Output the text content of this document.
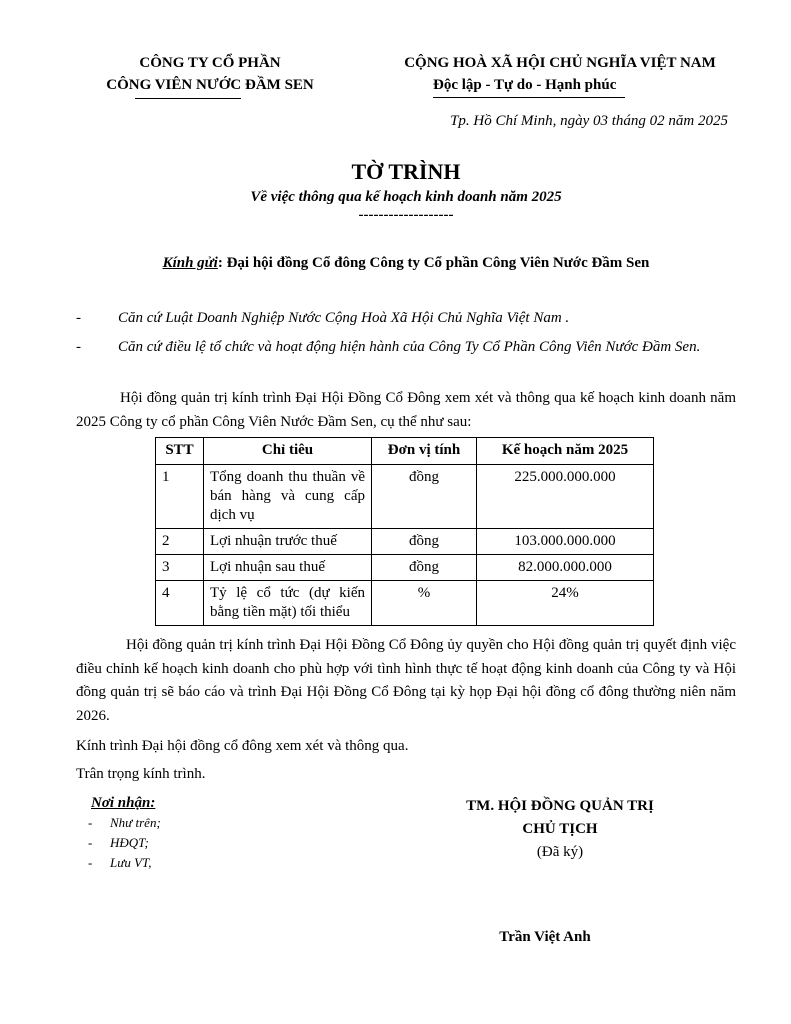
CÔNG TY CỔ PHẦN
CÔNG VIÊN NƯỚC ĐẦM SEN
CỘNG HOÀ XÃ HỘI CHỦ NGHĨA VIỆT NAM
Độc lập - Tự do - Hạnh phúc
Tp. Hồ Chí Minh, ngày 03 tháng 02 năm 2025
TỜ TRÌNH
Về việc thông qua kế hoạch kinh doanh năm 2025
-------------------
Kính gửi: Đại hội đồng Cổ đông Công ty Cổ phần Công Viên Nước Đầm Sen
- Căn cứ Luật Doanh Nghiệp Nước Cộng Hoà Xã Hội Chủ Nghĩa Việt Nam .
- Căn cứ điều lệ tổ chức và hoạt động hiện hành của Công Ty Cổ Phần Công Viên Nước Đầm Sen.
Hội đồng quản trị kính trình Đại Hội Đồng Cổ Đông xem xét và thông qua kế hoạch kinh doanh năm 2025 Công ty cổ phần Công Viên Nước Đầm Sen, cụ thể như sau:
STT	Chỉ tiêu	Đơn vị tính	Kế hoạch năm 2025
1	Tổng doanh thu thuần về bán hàng và cung cấp dịch vụ	đồng	225.000.000.000
2	Lợi nhuận trước thuế	đồng	103.000.000.000
3	Lợi nhuận sau thuế	đồng	82.000.000.000
4	Tỷ lệ cổ tức (dự kiến bằng tiền mặt) tối thiểu	%	24%
Hội đồng quản trị kính trình Đại Hội Đồng Cổ Đông ủy quyền cho Hội đồng quản trị quyết định việc điều chỉnh kế hoạch kinh doanh cho phù hợp với tình hình thực tế hoạt động kinh doanh của Công ty và Hội đồng quản trị sẽ báo cáo và trình Đại Hội Đồng Cổ Đông tại kỳ họp Đại hội đồng cổ đông thường niên năm 2026.
Kính trình Đại hội đồng cổ đông xem xét và thông qua.
Trân trọng kính trình.
Nơi nhận:
- Như trên;
- HĐQT;
- Lưu VT,
TM. HỘI ĐỒNG QUẢN TRỊ
CHỦ TỊCH
(Đã ký)
Trần Việt Anh
